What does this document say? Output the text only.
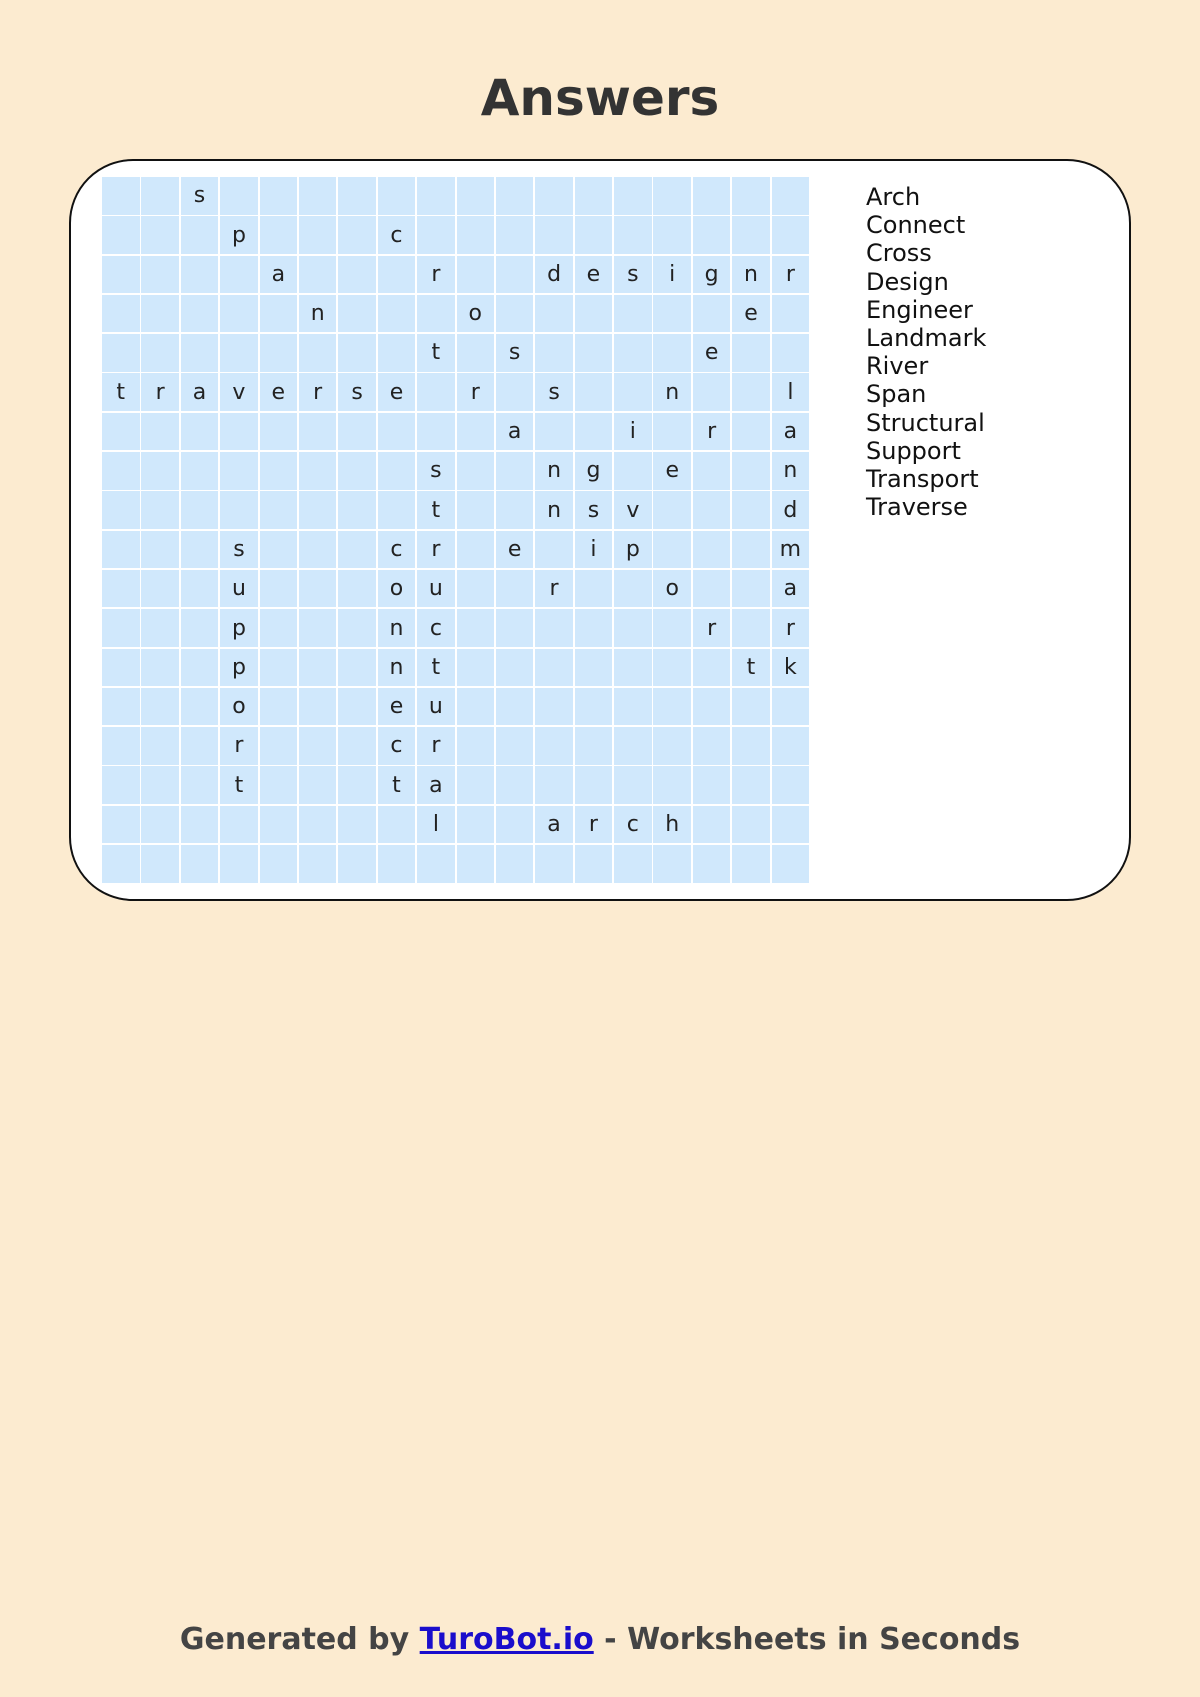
Answers
s
p	c
a	r	d	e	s	i	g	n	r
n	o	e
t	s	e
t	r	a	v	e	r	s	e	r	s	n	l
a	i	r	a
s	n	g	e	n
t	n	s	v	d
s	c	r	e	i	p	m
u	o	u	r	o	a
p	n	c	r	r
p	n	t	t	k
o	e	u
r	c	r
t	t	a
l	a	r	c	h
Arch
Connect
Cross
Design
Engineer
Landmark
River
Span
Structural
Support
Transport
Traverse
Generated by TuroBot.io - Worksheets in Seconds
